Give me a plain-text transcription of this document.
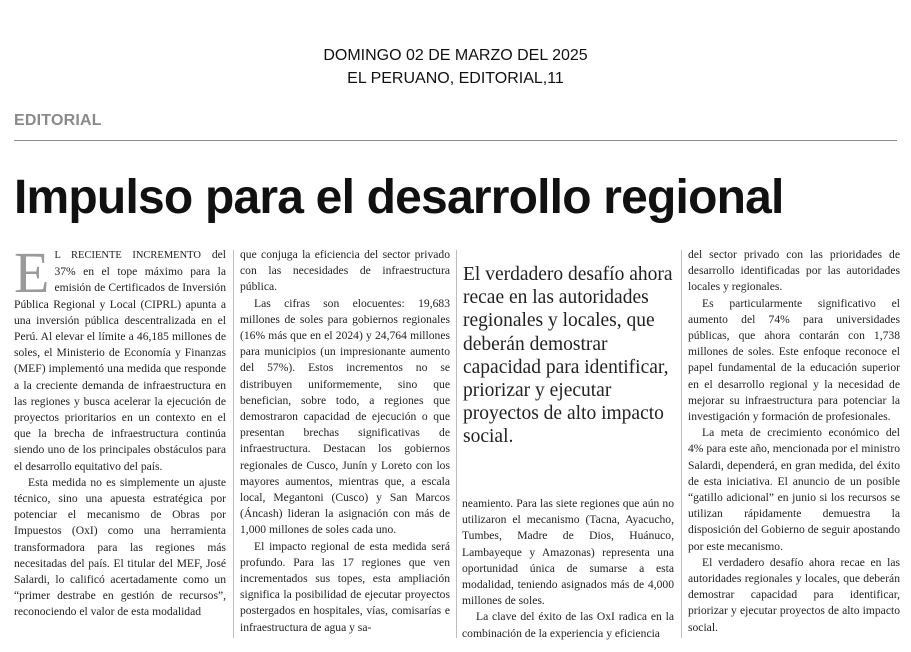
DOMINGO 02 DE MARZO DEL 2025
EL PERUANO, EDITORIAL,11
EDITORIAL
Impulso para el desarrollo regional

E L RECIENTE INCREMENTO del 37% en el tope máximo para la emisión de Certificados de Inversión Pública Regional y Local (CIPRL) apunta a una inversión pública descentralizada en el Perú. Al elevar el límite a 46,185 millones de soles, el Ministerio de Economía y Finanzas (MEF) implementó una medida que responde a la creciente demanda de infraestructura en las regiones y busca acelerar la ejecución de proyectos prioritarios en un contexto en el que la brecha de infraestructura continúa siendo uno de los principales obstáculos para el desarrollo equitativo del país.

Esta medida no es simplemente un ajuste técnico, sino una apuesta estratégica por potenciar el mecanismo de Obras por Impuestos (OxI) como una herramienta transformadora para las regiones más necesitadas del país. El titular del MEF, José Salardi, lo calificó acertadamente como un “primer destrabe en gestión de recursos”, reconociendo el valor de esta modalidad

que conjuga la eficiencia del sector privado con las necesidades de infraestructura pública.

Las cifras son elocuentes: 19,683 millones de soles para gobiernos regionales (16% más que en el 2024) y 24,764 millones para municipios (un impresionante aumento del 57%). Estos incrementos no se distribuyen uniformemente, sino que benefician, sobre todo, a regiones que demostraron capacidad de ejecución o que presentan brechas significativas de infraestructura. Destacan los gobiernos regionales de Cusco, Junín y Loreto con los mayores aumentos, mientras que, a escala local, Megantoni (Cusco) y San Marcos (Áncash) lideran la asignación con más de 1,000 millones de soles cada uno.

El impacto regional de esta medida será profundo. Para las 17 regiones que ven incrementados sus topes, esta ampliación significa la posibilidad de ejecutar proyectos postergados en hospitales, vías, comisarías e infraestructura de agua y sa-

El verdadero desafío ahora recae en las autoridades regionales y locales, que deberán demostrar capacidad para identificar, priorizar y ejecutar proyectos de alto impacto social.

neamiento. Para las siete regiones que aún no utilizaron el mecanismo (Tacna, Ayacucho, Tumbes, Madre de Dios, Huánuco, Lambayeque y Amazonas) representa una oportunidad única de sumarse a esta modalidad, teniendo asignados más de 4,000 millones de soles.

La clave del éxito de las OxI radica en la combinación de la experiencia y eficiencia

del sector privado con las prioridades de desarrollo identificadas por las autoridades locales y regionales.

Es particularmente significativo el aumento del 74% para universidades públicas, que ahora contarán con 1,738 millones de soles. Este enfoque reconoce el papel fundamental de la educación superior en el desarrollo regional y la necesidad de mejorar su infraestructura para potenciar la investigación y formación de profesionales.

La meta de crecimiento económico del 4% para este año, mencionada por el ministro Salardi, dependerá, en gran medida, del éxito de esta iniciativa. El anuncio de un posible “gatillo adicional” en junio si los recursos se utilizan rápidamente demuestra la disposición del Gobierno de seguir apostando por este mecanismo.

El verdadero desafío ahora recae en las autoridades regionales y locales, que deberán demostrar capacidad para identificar, priorizar y ejecutar proyectos de alto impacto social.
